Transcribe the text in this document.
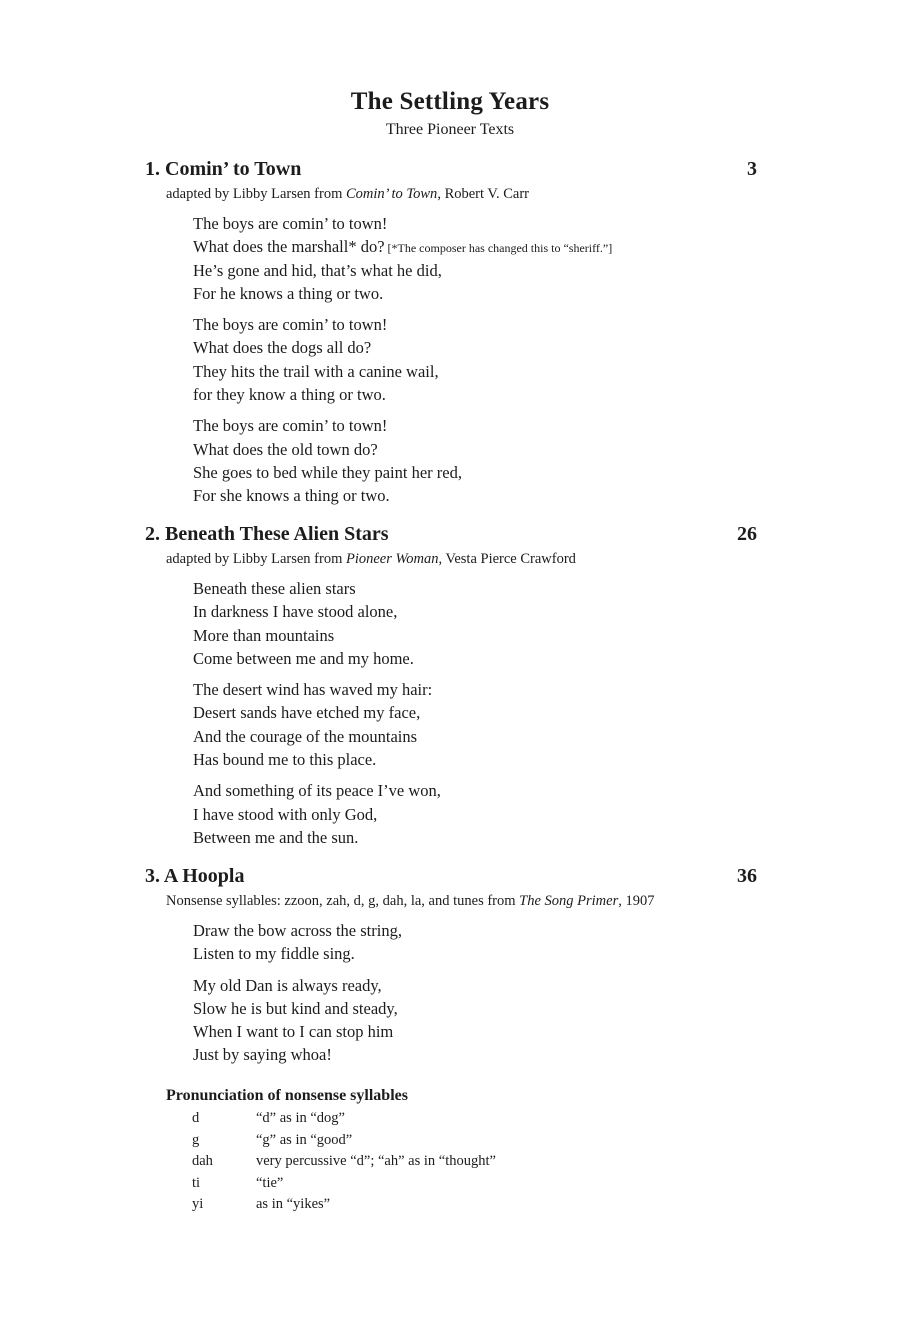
The Settling Years
Three Pioneer Texts
1. Comin’ to Town	3
adapted by Libby Larsen from Comin’ to Town, Robert V. Carr
The boys are comin’ to town!
What does the marshall* do? [*The composer has changed this to “sheriff.”]
He’s gone and hid, that’s what he did,
For he knows a thing or two.
The boys are comin’ to town!
What does the dogs all do?
They hits the trail with a canine wail,
for they know a thing or two.
The boys are comin’ to town!
What does the old town do?
She goes to bed while they paint her red,
For she knows a thing or two.
2. Beneath These Alien Stars	26
adapted by Libby Larsen from Pioneer Woman, Vesta Pierce Crawford
Beneath these alien stars
In darkness I have stood alone,
More than mountains
Come between me and my home.
The desert wind has waved my hair:
Desert sands have etched my face,
And the courage of the mountains
Has bound me to this place.
And something of its peace I’ve won,
I have stood with only God,
Between me and the sun.
3. A Hoopla	36
Nonsense syllables: zzoon, zah, d, g, dah, la, and tunes from The Song Primer, 1907
Draw the bow across the string,
Listen to my fiddle sing.
My old Dan is always ready,
Slow he is but kind and steady,
When I want to I can stop him
Just by saying whoa!
Pronunciation of nonsense syllables
d	“d” as in “dog”
g	“g” as in “good”
dah	very percussive “d”; “ah” as in “thought”
ti	“tie”
yi	as in “yikes”
